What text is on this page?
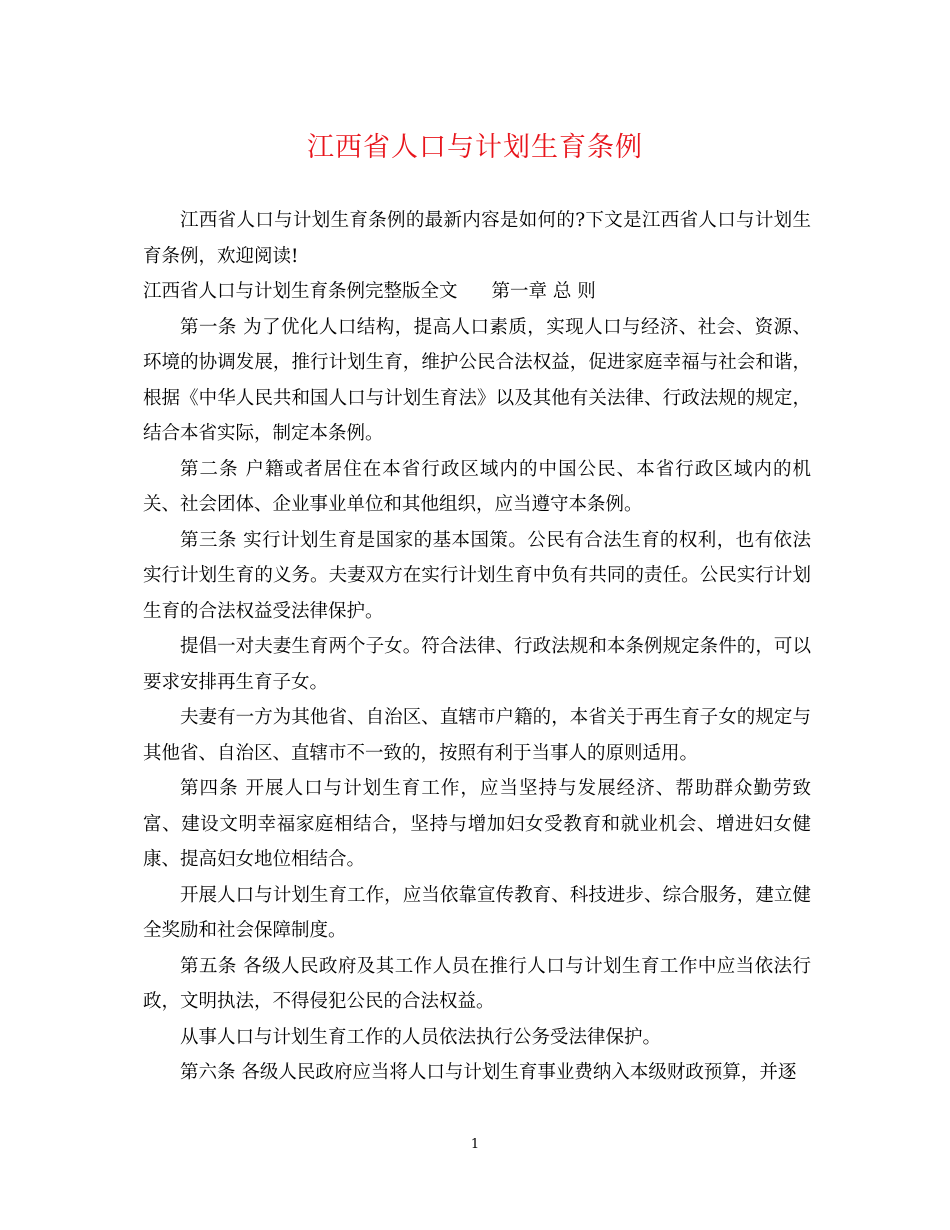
江西省人口与计划生育条例

江西省人口与计划生育条例的最新内容是如何的?下文是江西省人口与计划生育条例，欢迎阅读!

江西省人口与计划生育条例完整版全文 第一章 总 则

第一条 为了优化人口结构，提高人口素质，实现人口与经济、社会、资源、环境的协调发展，推行计划生育，维护公民合法权益，促进家庭幸福与社会和谐，根据《中华人民共和国人口与计划生育法》以及其他有关法律、行政法规的规定，结合本省实际，制定本条例。

第二条 户籍或者居住在本省行政区域内的中国公民、本省行政区域内的机关、社会团体、企业事业单位和其他组织，应当遵守本条例。

第三条 实行计划生育是国家的基本国策。公民有合法生育的权利，也有依法实行计划生育的义务。夫妻双方在实行计划生育中负有共同的责任。公民实行计划生育的合法权益受法律保护。

提倡一对夫妻生育两个子女。符合法律、行政法规和本条例规定条件的，可以要求安排再生育子女。

夫妻有一方为其他省、自治区、直辖市户籍的，本省关于再生育子女的规定与其他省、自治区、直辖市不一致的，按照有利于当事人的原则适用。

第四条 开展人口与计划生育工作，应当坚持与发展经济、帮助群众勤劳致富、建设文明幸福家庭相结合，坚持与增加妇女受教育和就业机会、增进妇女健康、提高妇女地位相结合。

开展人口与计划生育工作，应当依靠宣传教育、科技进步、综合服务，建立健全奖励和社会保障制度。

第五条 各级人民政府及其工作人员在推行人口与计划生育工作中应当依法行政，文明执法，不得侵犯公民的合法权益。

从事人口与计划生育工作的人员依法执行公务受法律保护。

第六条 各级人民政府应当将人口与计划生育事业费纳入本级财政预算，并逐

1
